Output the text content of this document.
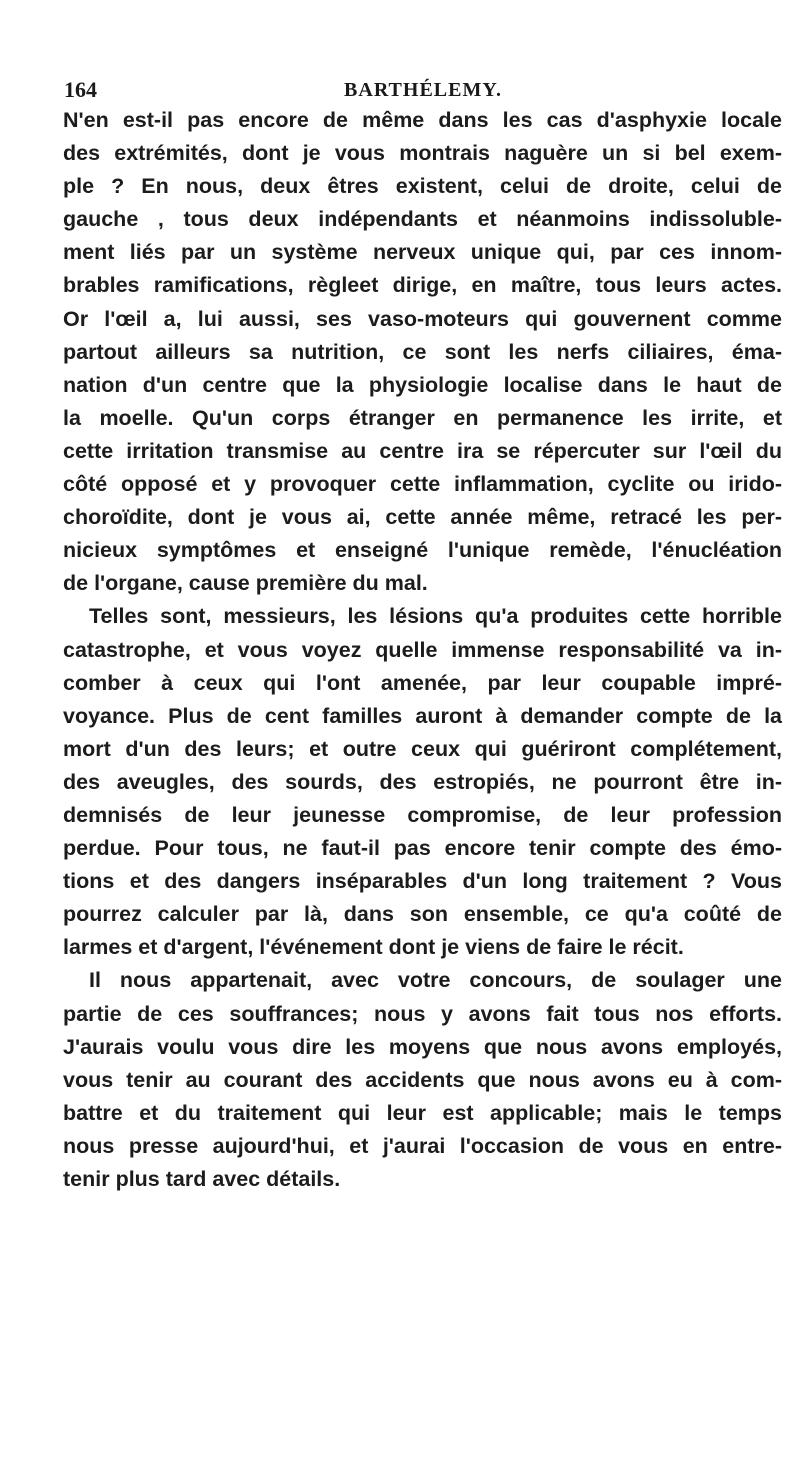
164	BARTHÉLEMY.
N'en est-il pas encore de même dans les cas d'asphyxie locale
des extrémités, dont je vous montrais naguère un si bel exem-
ple ? En nous, deux êtres existent, celui de droite, celui de
gauche , tous deux indépendants et néanmoins indissoluble-
ment liés par un système nerveux unique qui, par ces innom-
brables ramifications, règleet dirige, en maître, tous leurs actes.
Or l'œil a, lui aussi, ses vaso-moteurs qui gouvernent comme
partout ailleurs sa nutrition, ce sont les nerfs ciliaires, éma-
nation d'un centre que la physiologie localise dans le haut de
la moelle. Qu'un corps étranger en permanence les irrite, et
cette irritation transmise au centre ira se répercuter sur l'œil du
côté opposé et y provoquer cette inflammation, cyclite ou irido-
choroïdite, dont je vous ai, cette année même, retracé les per-
nicieux symptômes et enseigné l'unique remède, l'énucléation
de l'organe, cause première du mal.
Telles sont, messieurs, les lésions qu'a produites cette horrible
catastrophe, et vous voyez quelle immense responsabilité va in-
comber à ceux qui l'ont amenée, par leur coupable impré-
voyance. Plus de cent familles auront à demander compte de la
mort d'un des leurs; et outre ceux qui guériront complétement,
des aveugles, des sourds, des estropiés, ne pourront être in-
demnisés de leur jeunesse compromise, de leur profession
perdue. Pour tous, ne faut-il pas encore tenir compte des émo-
tions et des dangers inséparables d'un long traitement ? Vous
pourrez calculer par là, dans son ensemble, ce qu'a coûté de
larmes et d'argent, l'événement dont je viens de faire le récit.
Il nous appartenait, avec votre concours, de soulager une
partie de ces souffrances; nous y avons fait tous nos efforts.
J'aurais voulu vous dire les moyens que nous avons employés,
vous tenir au courant des accidents que nous avons eu à com-
battre et du traitement qui leur est applicable; mais le temps
nous presse aujourd'hui, et j'aurai l'occasion de vous en entre-
tenir plus tard avec détails.
